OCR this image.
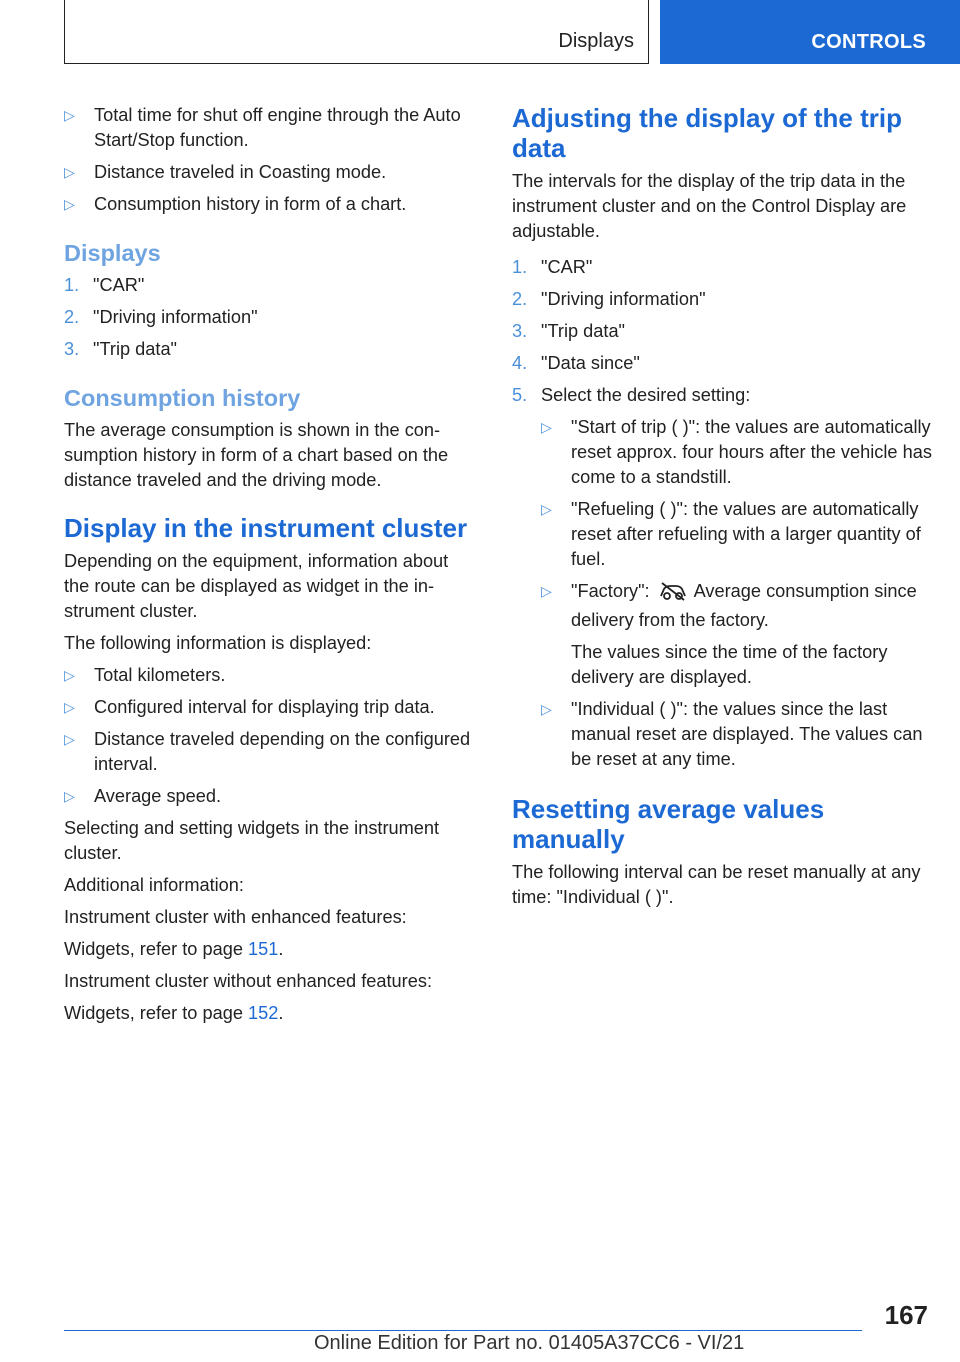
Displays	CONTROLS
▷ Total time for shut off engine through the Auto Start/Stop function.
▷ Distance traveled in Coasting mode.
▷ Consumption history in form of a chart.
Displays
1. "CAR"
2. "Driving information"
3. "Trip data"
Consumption history

The average consumption is shown in the consumption history in form of a chart based on the distance traveled and the driving mode.

Display in the instrument cluster

Depending on the equipment, information about the route can be displayed as widget in the instrument cluster.

The following information is displayed:

▷ Total kilometers.
▷ Configured interval for displaying trip data.
▷ Distance traveled depending on the configured interval.
▷ Average speed.

Selecting and setting widgets in the instrument cluster.

Additional information:

Instrument cluster with enhanced features:

Widgets, refer to page 151.

Instrument cluster without enhanced features:

Widgets, refer to page 152.

Adjusting the display of the trip data

The intervals for the display of the trip data in the instrument cluster and on the Control Display are adjustable.

1. "CAR"
2. "Driving information"
3. "Trip data"
4. "Data since"
5. Select the desired setting:
▷ "Start of trip ( )": the values are automatically reset approx. four hours after the vehicle has come to a standstill.
▷ "Refueling ( )": the values are automatically reset after refueling with a larger quantity of fuel.
▷ "Factory": Average consumption since delivery from the factory.

The values since the time of the factory delivery are displayed.

▷ "Individual ( )": the values since the last manual reset are displayed. The values can be reset at any time.
Resetting average values manually

The following interval can be reset manually at any time: "Individual ( )".

167
Online Edition for Part no. 01405A37CC6 - VI/21
